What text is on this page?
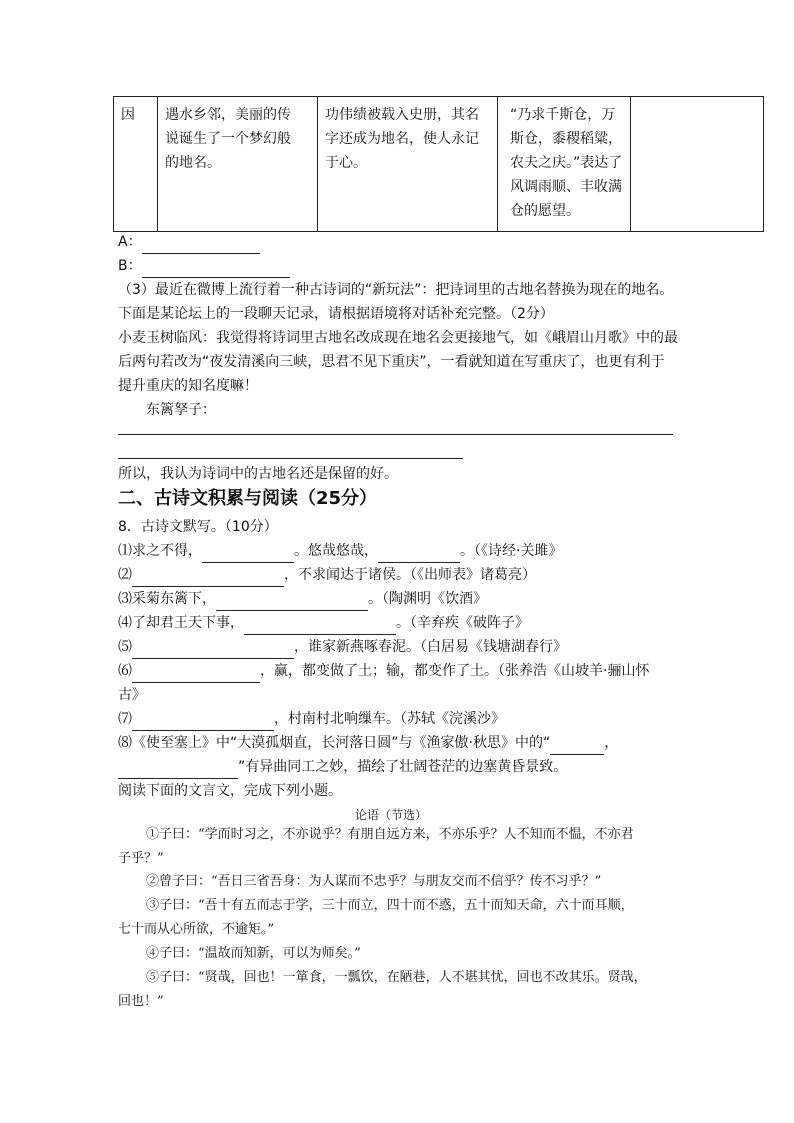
因	遇水乡邻，美丽的传说诞生了一个梦幻般的地名。	功伟绩被载入史册，其名字还成为地名，使人永记于心。	“乃求千斯仓，万斯仓，黍稷稻粱，农夫之庆。”表达了风调雨顺、丰收满仓的愿望。	
A：
B：
（3）最近在微博上流行着一种古诗词的“新玩法”：把诗词里的古地名替换为现在的地名。
下面是某论坛上的一段聊天记录，请根据语境将对话补充完整。（2分）
小麦玉树临风：我觉得将诗词里古地名改成现在地名会更接地气，如《峨眉山月歌》中的最
后两句若改为“夜发清溪向三峡，思君不见下重庆”，一看就知道在写重庆了，也更有利于
提升重庆的知名度嘛！
东篱孥子：
所以，我认为诗词中的古地名还是保留的好。
二、古诗文积累与阅读（25分）
8．古诗文默写。（10分）
⑴求之不得，	。悠哉悠哉，	。（《诗经·关雎》
⑵	，不求闻达于诸侯。（《出师表》诸葛亮）
⑶采菊东篱下，	。（陶渊明《饮酒》
⑷了却君王天下事，	。（辛弃疾《破阵子》
⑸	，谁家新燕啄春泥。（白居易《钱塘湖春行》
⑹	，赢，都变做了土；输，都变作了土。（张养浩《山坡羊·骊山怀
古》
⑺	，村南村北响缫车。（苏轼《浣溪沙》
⑻《使至塞上》中“大漠孤烟直，长河落日圆”与《渔家傲·秋思》中的“	，
”有异曲同工之妙，描绘了壮阔苍茫的边塞黄昏景致。
阅读下面的文言文，完成下列小题。
论语（节选）
①子曰：“学而时习之，不亦说乎？有朋自远方来，不亦乐乎？人不知而不愠，不亦君
子乎？”
②曾子曰：“吾日三省吾身：为人谋而不忠乎？与朋友交而不信乎？传不习乎？”
③子曰：“吾十有五而志于学，三十而立，四十而不惑，五十而知天命，六十而耳顺，
七十而从心所欲，不逾矩。”
④子曰：“温故而知新，可以为师矣。”
⑤子曰：“贤哉，回也！一箪食，一瓢饮，在陋巷，人不堪其忧，回也不改其乐。贤哉，
回也！”
